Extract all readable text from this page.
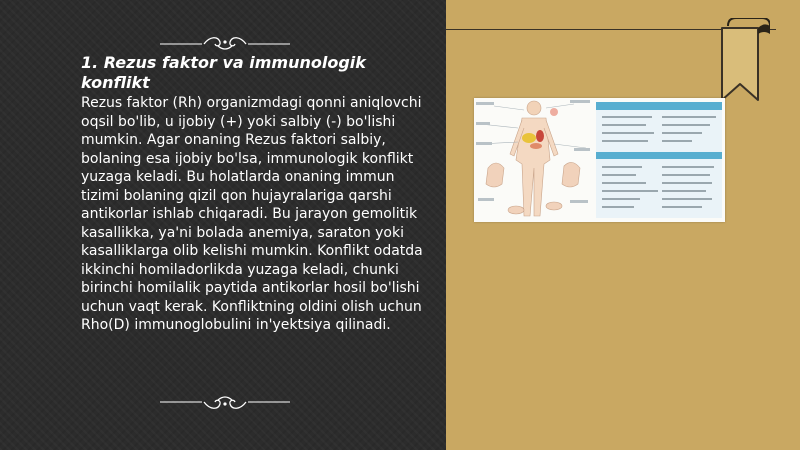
1. Rezus faktor va immunologik konflikt

Rezus faktor (Rh) organizmdagi qonni aniqlovchi oqsil bo'lib, u ijobiy (+) yoki salbiy (-) bo'lishi mumkin. Agar onaning Rezus faktori salbiy, bolaning esa ijobiy bo'lsa, immunologik konflikt yuzaga keladi. Bu holatlarda onaning immun tizimi bolaning qizil qon hujayralariga qarshi antikorlar ishlab chiqaradi. Bu jarayon gemolitik kasallikka, ya'ni bolada anemiya, saraton yoki kasalliklarga olib kelishi mumkin. Konflikt odatda ikkinchi homiladorlikda yuzaga keladi, chunki birinchi homilalik paytida antikorlar hosil bo'lishi uchun vaqt kerak. Konfliktning oldini olish uchun Rho(D) immunoglobulini in'yektsiya qilinadi.
